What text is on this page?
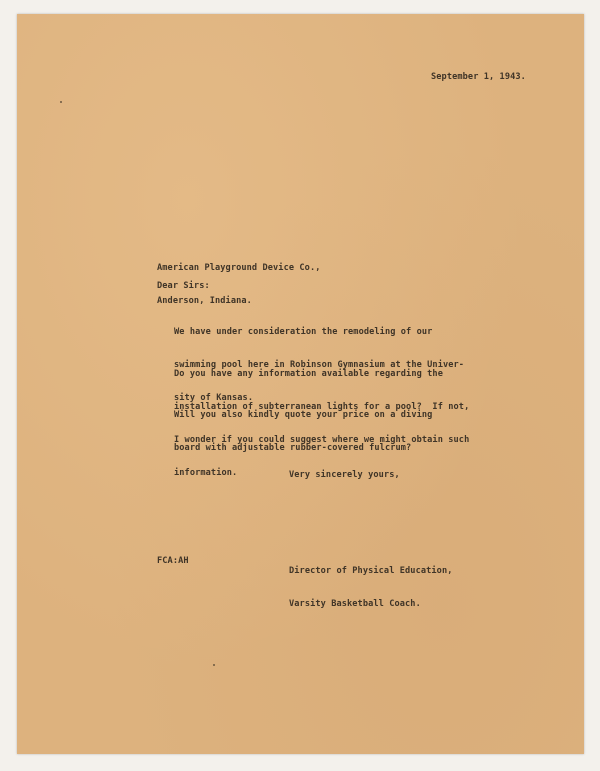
September 1, 1943.

American Playground Device Co.,

Anderson, Indiana.

Dear Sirs:

We have under consideration the remodeling of our

swimming pool here in Robinson Gymnasium at the Univer-

sity of Kansas.

Do you have any information available regarding the

installation of subterranean lights for a pool?  If not,

I wonder if you could suggest where we might obtain such

information.

Will you also kindly quote your price on a diving

board with adjustable rubber-covered fulcrum?

Very sincerely yours,

Director of Physical Education,

Varsity Basketball Coach.

FCA:AH
